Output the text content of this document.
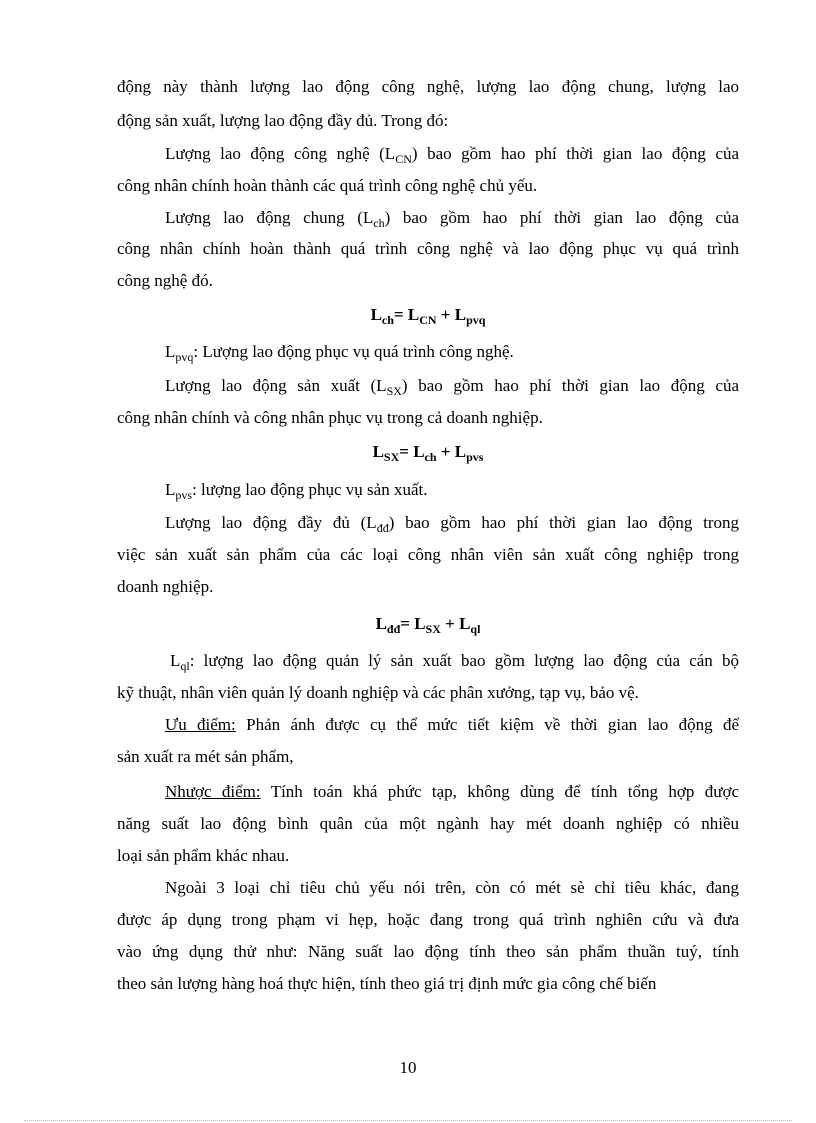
động này thành lượng lao động công nghệ, lượng lao động chung, lượng lao
động sản xuất, lượng lao động đầy đủ. Trong đó:
Lượng lao động công nghệ $(L_{CN})$ bao gồm hao phí thời gian lao động của
công nhân chính hoàn thành các quá trình công nghệ chủ yếu.
Lượng lao động chung $(L_{ch})$ bao gồm hao phí thời gian lao động của
công nhân chính hoàn thành quá trình công nghệ và lao động phục vụ quá trình
công nghệ đó.
$L_{ch}= L_{CN} + L_{pvq}$
$L_{pvq}$: Lượng lao động phục vụ quá trình công nghệ.
Lượng lao động sản xuất $(L_{SX})$ bao gồm hao phí thời gian lao động của
công nhân chính và công nhân phục vụ trong cả doanh nghiệp.
$L_{SX}= L_{ch} + L_{pvs}$
$L_{pvs}$: lượng lao động phục vụ sản xuất.
Lượng lao động đầy đủ $(L_{đđ})$ bao gồm hao phí thời gian lao động trong
việc sản xuất sản phẩm của các loại công nhân viên sản xuất công nghiệp trong
doanh nghiệp.
$L_{đđ}= L_{SX} + L_{ql}$
$L_{ql}$: lượng lao động quản lý sản xuất bao gồm lượng lao động của cán bộ
kỹ thuật, nhân viên quản lý doanh nghiệp và các phân xưởng, tạp vụ, bảo vệ.
Ưu điểm: Phản ánh được cụ thể mức tiết kiệm về thời gian lao động để
sản xuất ra mét sản phẩm,
Nhược điểm: Tính toán khá phức tạp, không dùng để tính tổng hợp được
năng suất lao động bình quân của một ngành hay mét doanh nghiệp có nhiều
loại sản phẩm khác nhau.
Ngoài 3 loại chỉ tiêu chủ yếu nói trên, còn có mét sè chỉ tiêu khác, đang
được áp dụng trong phạm vi hẹp, hoặc đang trong quá trình nghiên cứu và đưa
vào ứng dụng thử như: Năng suất lao động tính theo sản phẩm thuần tuý, tính
theo sản lượng hàng hoá thực hiện, tính theo giá trị định mức gia công chế biến
10
